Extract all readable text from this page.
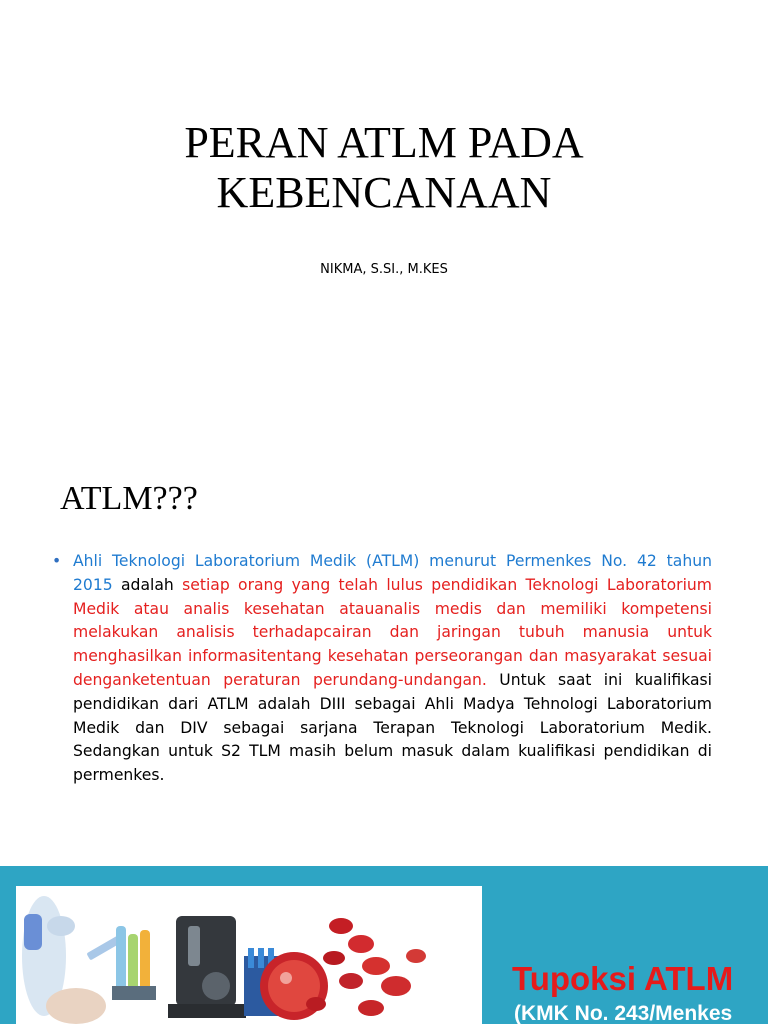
PERAN ATLM PADA
KEBENCANAAN
NIKMA, S.SI., M.KES
ATLM???
• Ahli Teknologi Laboratorium Medik (ATLM) menurut Permenkes No. 42 tahun 2015 adalah setiap orang yang telah lulus pendidikan Teknologi Laboratorium Medik atau analis kesehatan atauanalis medis dan memiliki kompetensi melakukan analisis terhadapcairan dan jaringan tubuh manusia untuk menghasilkan informasitentang kesehatan perseorangan dan masyarakat sesuai denganketentuan peraturan perundang-undangan. Untuk saat ini kualifikasi pendidikan dari ATLM adalah DIII sebagai Ahli Madya Tehnologi Laboratorium Medik dan DIV sebagai sarjana Terapan Teknologi Laboratorium Medik. Sedangkan untuk S2 TLM masih belum masuk dalam kualifikasi pendidikan di permenkes.
Tupoksi ATLM
(KMK No. 243/Menkes
